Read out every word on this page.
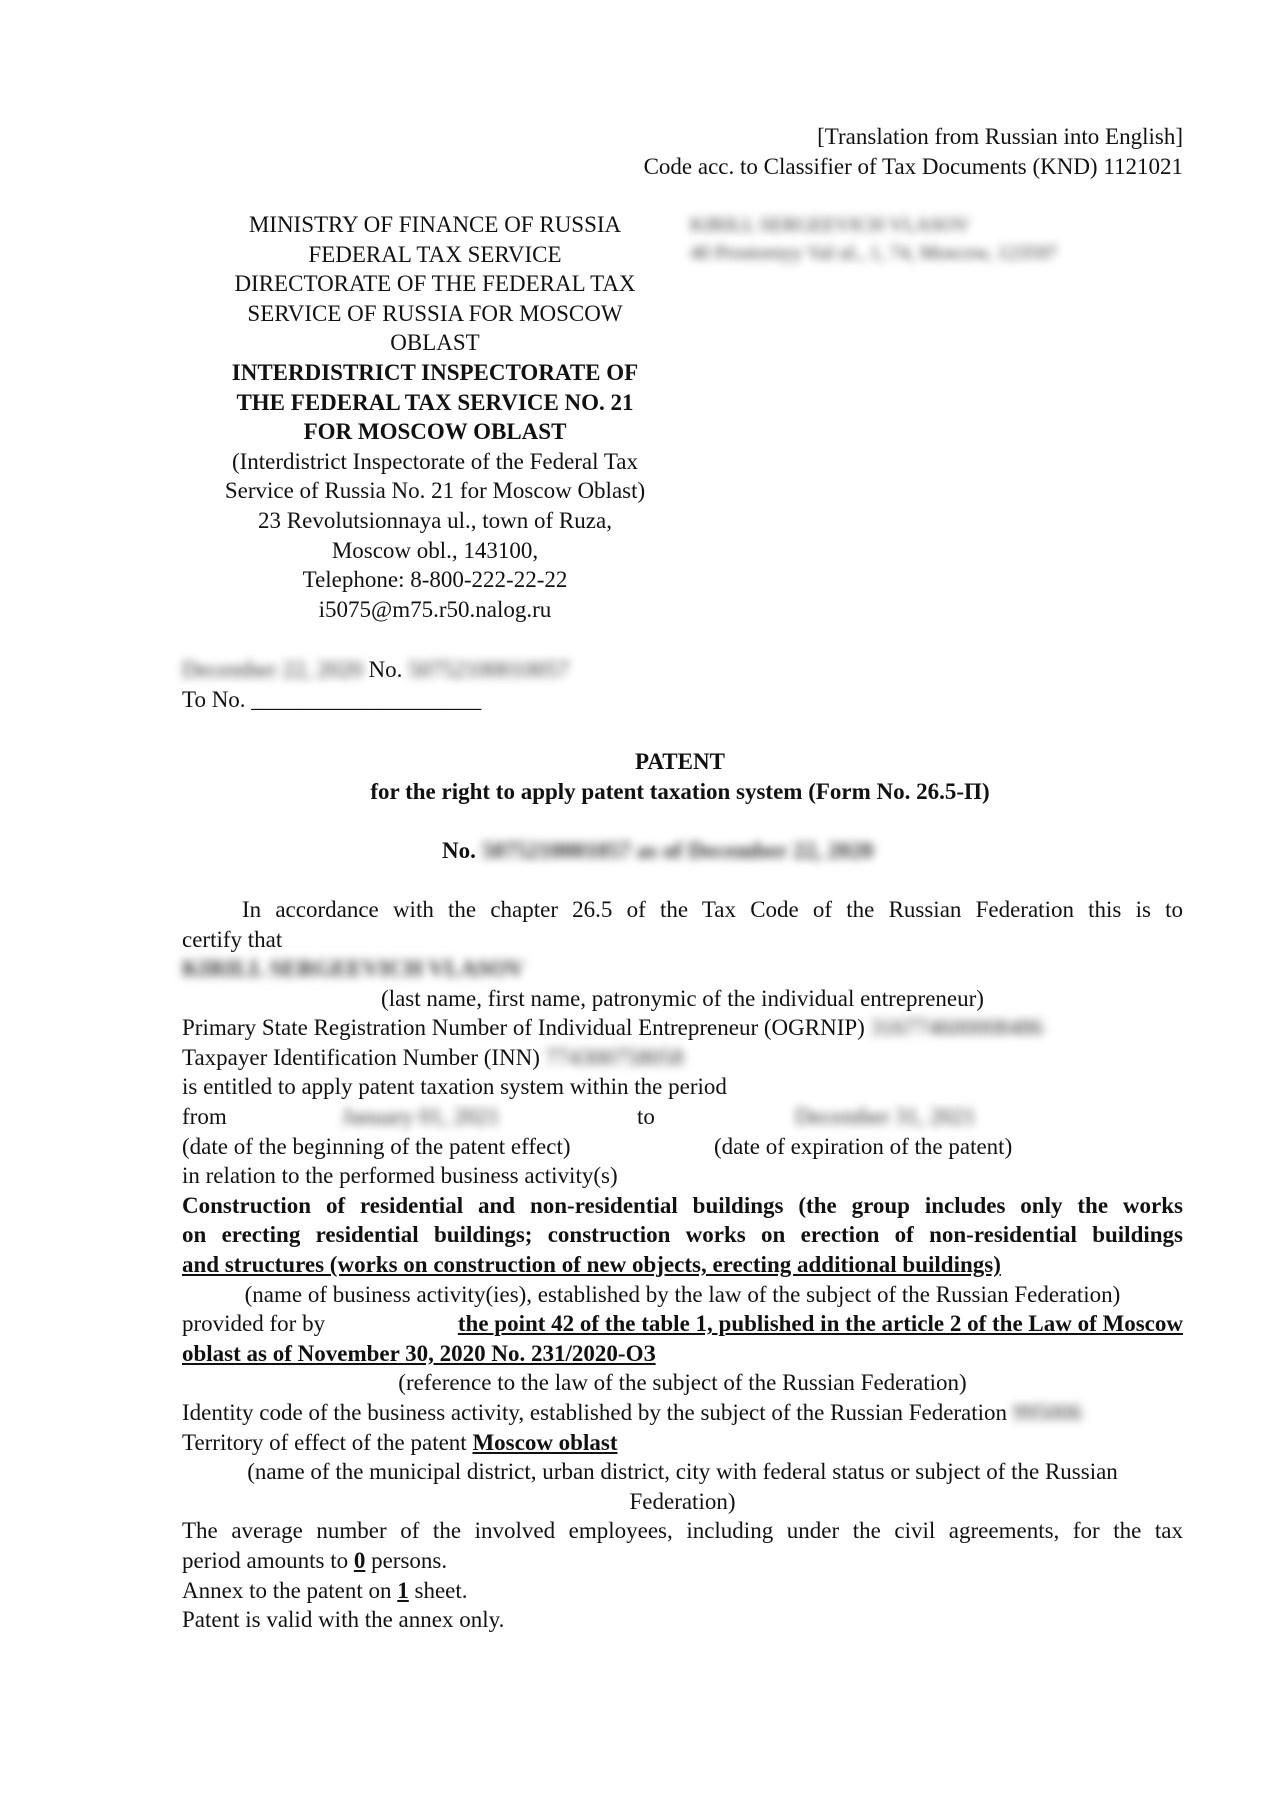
[Translation from Russian into English]
Code acc. to Classifier of Tax Documents (KND) 1121021
MINISTRY OF FINANCE OF RUSSIA
FEDERAL TAX SERVICE
DIRECTORATE OF THE FEDERAL TAX
SERVICE OF RUSSIA FOR MOSCOW
OBLAST
INTERDISTRICT INSPECTORATE OF
THE FEDERAL TAX SERVICE NO. 21
FOR MOSCOW OBLAST
(Interdistrict Inspectorate of the Federal Tax
Service of Russia No. 21 for Moscow Oblast)
23 Revolutsionnaya ul., town of Ruza,
Moscow obl., 143100,
Telephone: 8-800-222-22-22
i5075@m75.r50.nalog.ru
KIRILL SERGEEVICH VLASOV
40 Prostornyy Val ul., 1, 74, Moscow, 123597
December 22, 2020 No. 50752100010057
To No. ____________________
PATENT
for the right to apply patent taxation system (Form No. 26.5-П)
No. 5075210001057 as of December 22, 2020
In accordance with the chapter 26.5 of the Tax Code of the Russian Federation this is to
certify that
KIRILL SERGEEVICH VLASOV
(last name, first name, patronymic of the individual entrepreneur)
Primary State Registration Number of Individual Entrepreneur (OGRNIP) 316774600008486
Taxpayer Identification Number (INN) 774300758058
is entitled to apply patent taxation system within the period
from	January 01, 2021	to	December 31, 2021
(date of the beginning of the patent effect)	(date of expiration of the patent)
in relation to the performed business activity(s)
Construction of residential and non-residential buildings (the group includes only the works
on erecting residential buildings; construction works on erection of non-residential buildings
and structures (works on construction of new objects, erecting additional buildings)
(name of business activity(ies), established by the law of the subject of the Russian Federation)
provided for by	the point 42 of the table 1, published in the article 2 of the Law of Moscow
oblast as of November 30, 2020 No. 231/2020-ОЗ
(reference to the law of the subject of the Russian Federation)
Identity code of the business activity, established by the subject of the Russian Federation 995006
Territory of effect of the patent Moscow oblast
(name of the municipal district, urban district, city with federal status or subject of the Russian
Federation)
The average number of the involved employees, including under the civil agreements, for the tax
period amounts to 0 persons.
Annex to the patent on 1 sheet.
Patent is valid with the annex only.
